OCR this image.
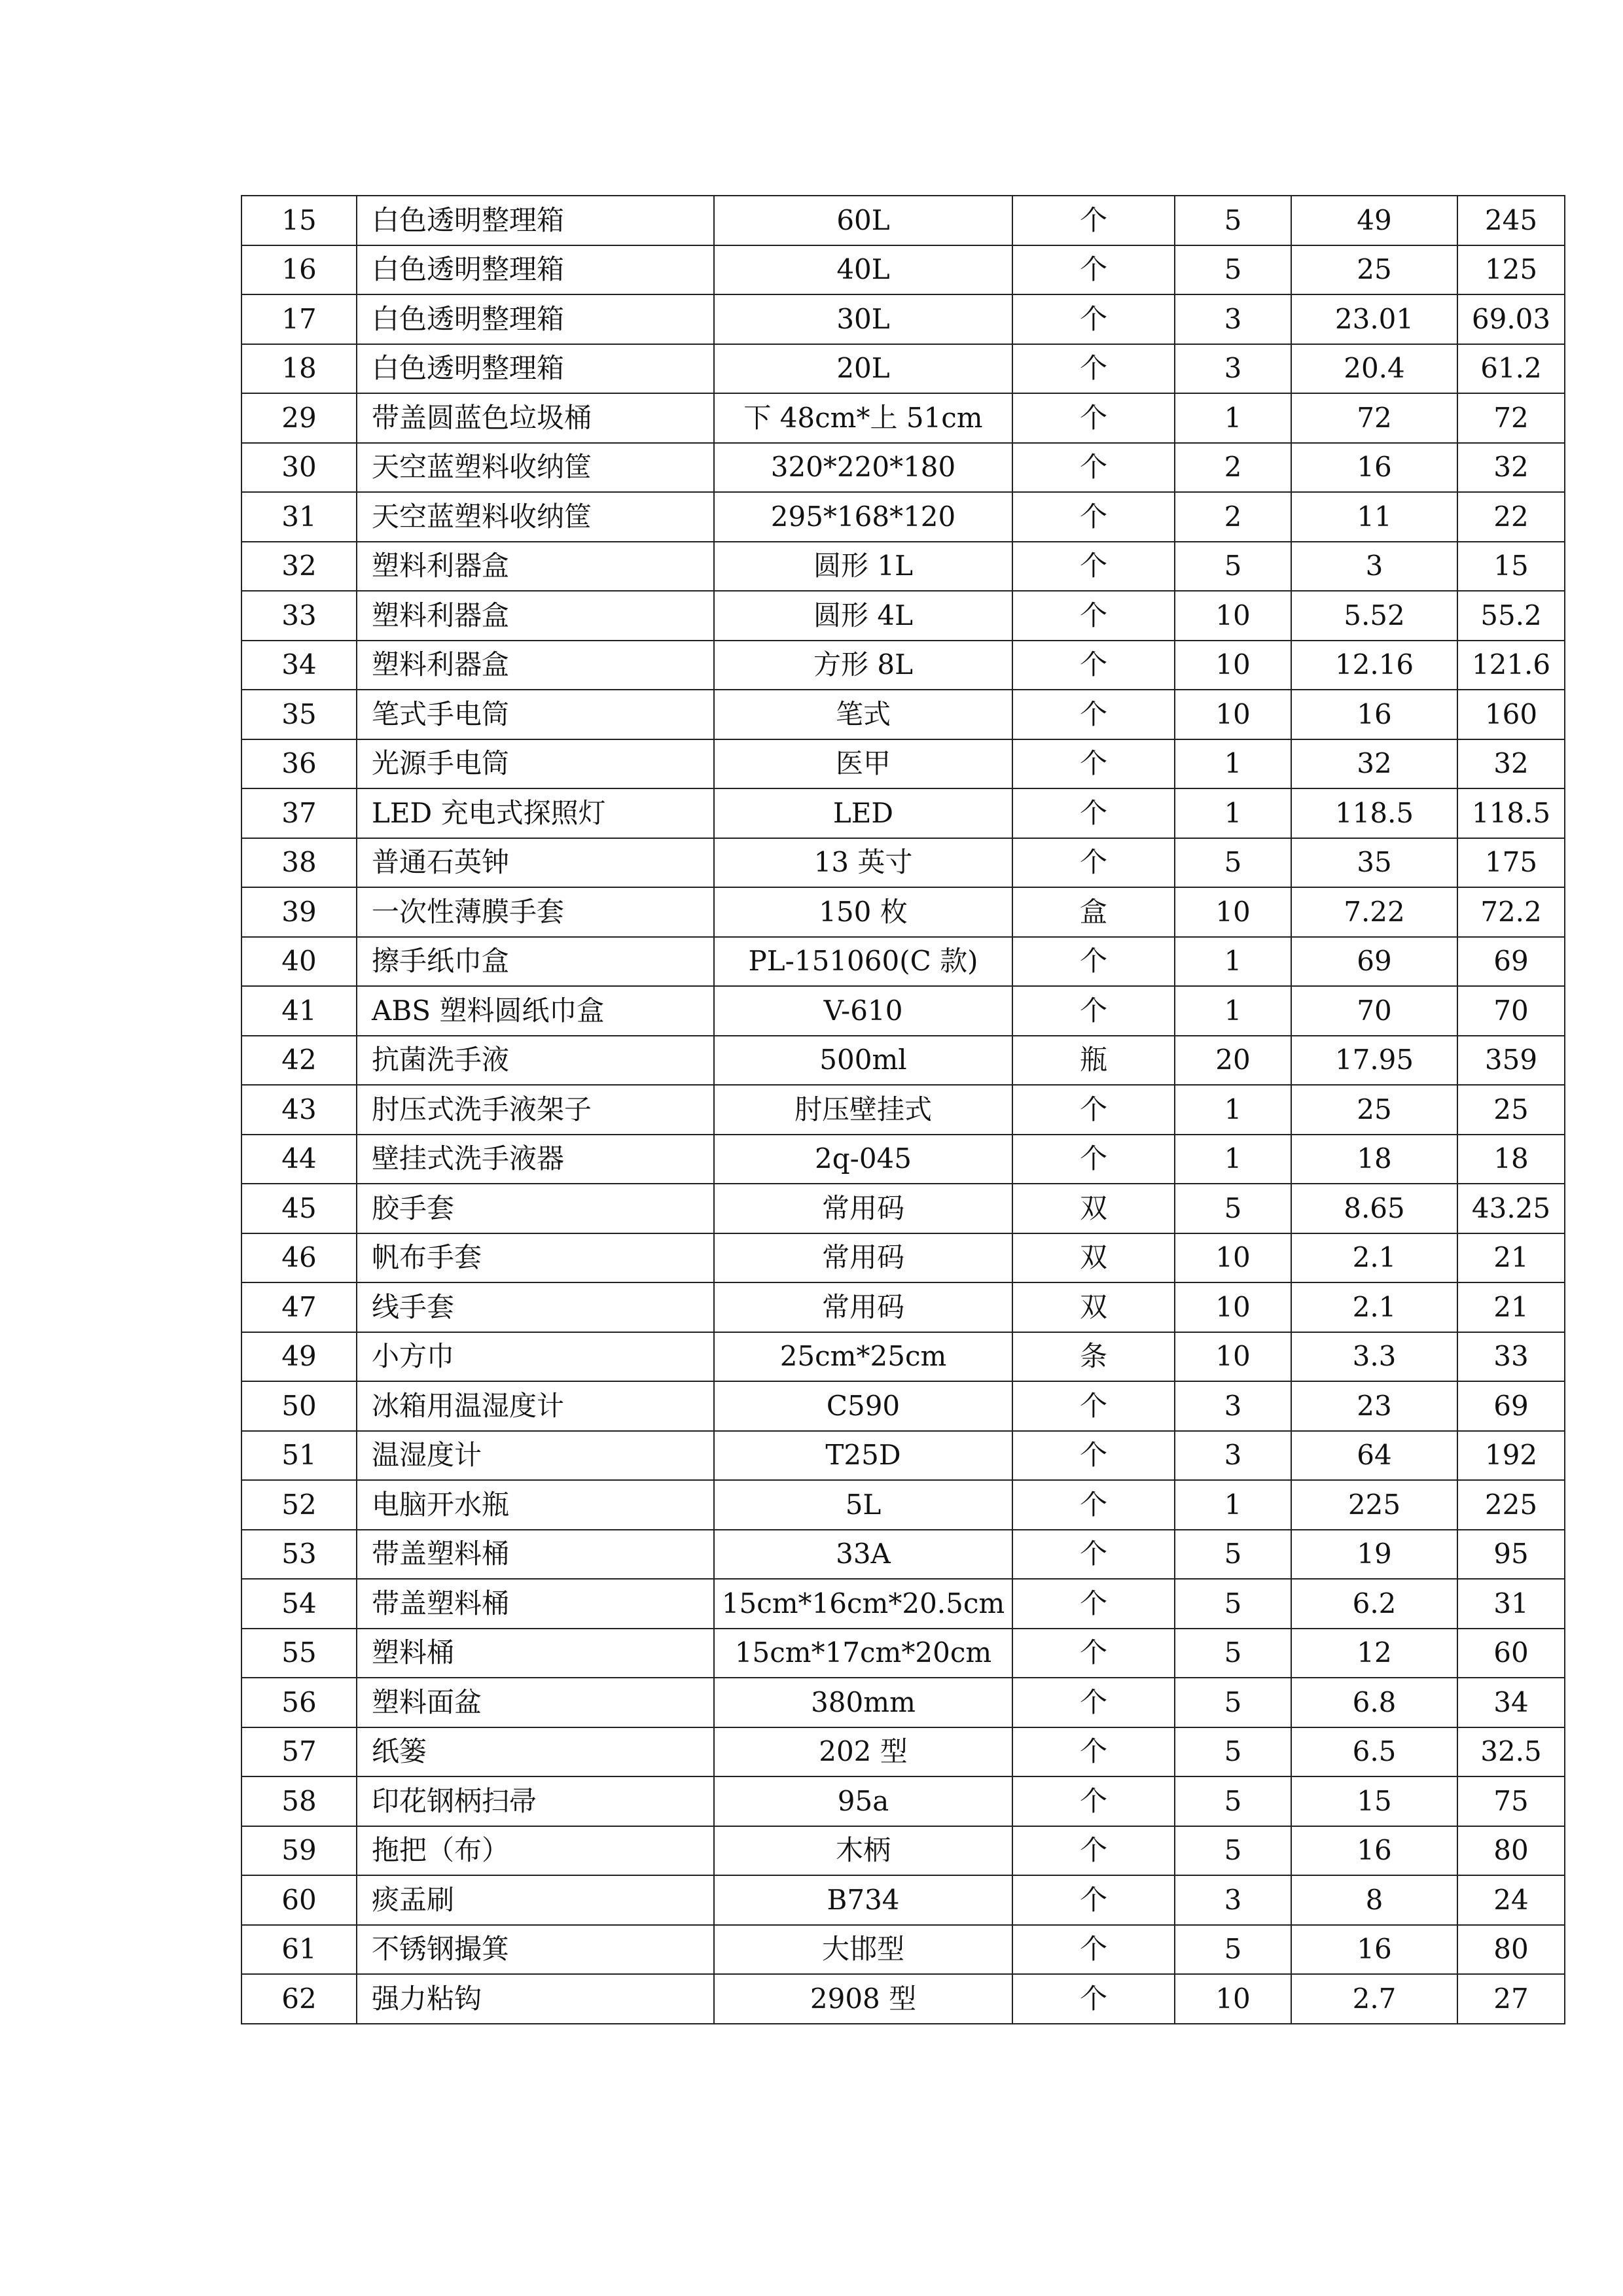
15	白色透明整理箱	60L	个	5	49	245
16	白色透明整理箱	40L	个	5	25	125
17	白色透明整理箱	30L	个	3	23.01	69.03
18	白色透明整理箱	20L	个	3	20.4	61.2
29	带盖圆蓝色垃圾桶	下 48cm*上 51cm	个	1	72	72
30	天空蓝塑料收纳筐	320*220*180	个	2	16	32
31	天空蓝塑料收纳筐	295*168*120	个	2	11	22
32	塑料利器盒	圆形 1L	个	5	3	15
33	塑料利器盒	圆形 4L	个	10	5.52	55.2
34	塑料利器盒	方形 8L	个	10	12.16	121.6
35	笔式手电筒	笔式	个	10	16	160
36	光源手电筒	医甲	个	1	32	32
37	LED 充电式探照灯	LED	个	1	118.5	118.5
38	普通石英钟	13 英寸	个	5	35	175
39	一次性薄膜手套	150 枚	盒	10	7.22	72.2
40	擦手纸巾盒	PL-151060(C 款)	个	1	69	69
41	ABS 塑料圆纸巾盒	V-610	个	1	70	70
42	抗菌洗手液	500ml	瓶	20	17.95	359
43	肘压式洗手液架子	肘压壁挂式	个	1	25	25
44	壁挂式洗手液器	2q-045	个	1	18	18
45	胶手套	常用码	双	5	8.65	43.25
46	帆布手套	常用码	双	10	2.1	21
47	线手套	常用码	双	10	2.1	21
49	小方巾	25cm*25cm	条	10	3.3	33
50	冰箱用温湿度计	C590	个	3	23	69
51	温湿度计	T25D	个	3	64	192
52	电脑开水瓶	5L	个	1	225	225
53	带盖塑料桶	33A	个	5	19	95
54	带盖塑料桶	15cm*16cm*20.5cm	个	5	6.2	31
55	塑料桶	15cm*17cm*20cm	个	5	12	60
56	塑料面盆	380mm	个	5	6.8	34
57	纸篓	202 型	个	5	6.5	32.5
58	印花钢柄扫帚	95a	个	5	15	75
59	拖把（布）	木柄	个	5	16	80
60	痰盂刷	B734	个	3	8	24
61	不锈钢撮箕	大邯型	个	5	16	80
62	强力粘钩	2908 型	个	10	2.7	27
